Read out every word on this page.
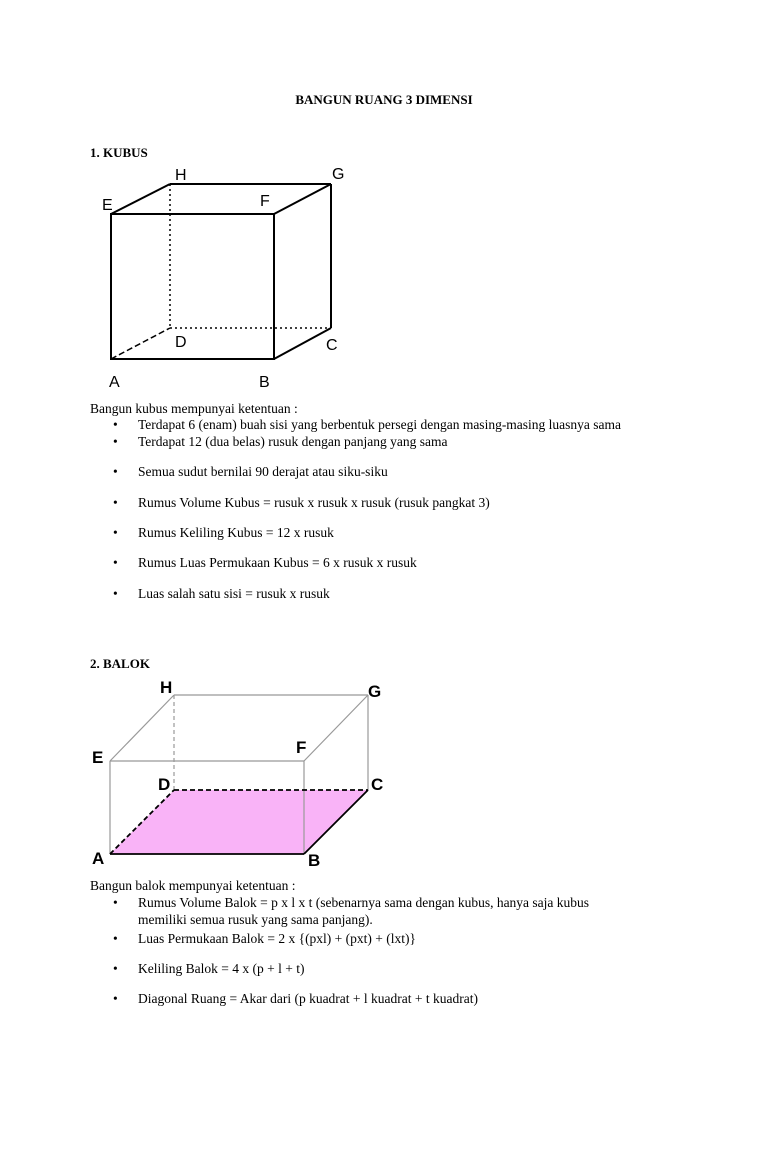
BANGUN RUANG 3 DIMENSI
1. KUBUS
H	G
E	F
D	C
A	B
Bangun kubus mempunyai ketentuan :
• Terdapat 6 (enam) buah sisi yang berbentuk persegi dengan masing-masing luasnya sama
• Terdapat 12 (dua belas) rusuk dengan panjang yang sama
• Semua sudut bernilai 90 derajat atau siku-siku
• Rumus Volume Kubus = rusuk x rusuk x rusuk (rusuk pangkat 3)
• Rumus Keliling Kubus = 12 x rusuk
• Rumus Luas Permukaan Kubus = 6 x rusuk x rusuk
• Luas salah satu sisi = rusuk x rusuk
2. BALOK
H	G
E
F
D	C
A	B
Bangun balok mempunyai ketentuan :
• Rumus Volume Balok = p x l x t (sebenarnya sama dengan kubus, hanya saja kubus
memiliki semua rusuk yang sama panjang).
• Luas Permukaan Balok = 2 x {(pxl) + (pxt) + (lxt)}
• Keliling Balok = 4 x (p + l + t)
• Diagonal Ruang = Akar dari (p kuadrat + l kuadrat + t kuadrat)
